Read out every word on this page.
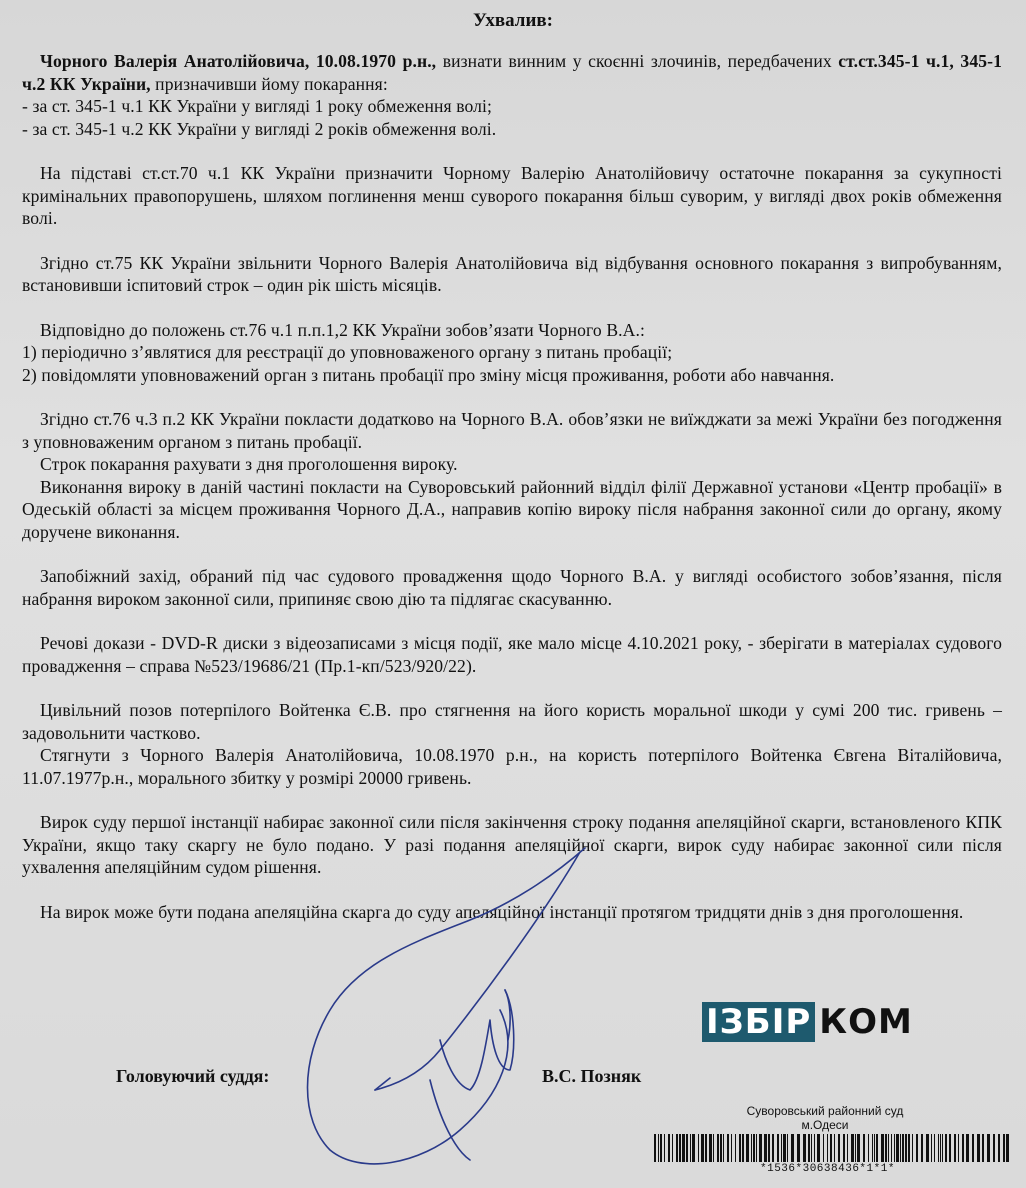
Ухвалив:

Чорного Валерія Анатолійовича, 10.08.1970 р.н., визнати винним у скоєнні злочинів, передбачених ст.ст.345-1 ч.1, 345-1 ч.2 КК України, призначивши йому покарання:

- за ст. 345-1 ч.1 КК України у вигляді 1 року обмеження волі;

- за ст. 345-1 ч.2 КК України у вигляді 2 років обмеження волі.

На підставі ст.ст.70 ч.1 КК України призначити Чорному Валерію Анатолійовичу остаточне покарання за сукупності кримінальних правопорушень, шляхом поглинення менш суворого покарання більш суворим, у вигляді двох років обмеження волі.

Згідно ст.75 КК України звільнити Чорного Валерія Анатолійовича від відбування основного покарання з випробуванням, встановивши іспитовий строк – один рік шість місяців.

Відповідно до положень ст.76 ч.1 п.п.1,2 КК України зобов’язати Чорного В.А.:

1) періодично з’являтися для реєстрації до уповноваженого органу з питань пробації;

2) повідомляти уповноважений орган з питань пробації про зміну місця проживання, роботи або навчання.

Згідно ст.76 ч.3 п.2 КК України покласти додатково на Чорного В.А. обов’язки не виїжджати за межі України без погодження з уповноваженим органом з питань пробації.

Строк покарання рахувати з дня проголошення вироку.

Виконання вироку в даній частині покласти на Суворовський районний відділ філії Державної установи «Центр пробації» в Одеській області за місцем проживання Чорного Д.А., направив копію вироку після набрання законної сили до органу, якому доручене виконання.

Запобіжний захід, обраний під час судового провадження щодо Чорного В.А. у вигляді особистого зобов’язання, після набрання вироком законної сили, припиняє свою дію та підлягає скасуванню.

Речові докази - DVD-R диски з відеозаписами з місця події, яке мало місце 4.10.2021 року, - зберігати в матеріалах судового провадження – справа №523/19686/21 (Пр.1-кп/523/920/22).

Цивільний позов потерпілого Войтенка Є.В. про стягнення на його користь моральної шкоди у сумі 200 тис. гривень – задовольнити частково.

Стягнути з Чорного Валерія Анатолійовича, 10.08.1970 р.н., на користь потерпілого Войтенка Євгена Віталійовича, 11.07.1977р.н., морального збитку у розмірі 20000 гривень.

Вирок суду першої інстанції набирає законної сили після закінчення строку подання апеляційної скарги, встановленого КПК України, якщо таку скаргу не було подано. У разі подання апеляційної скарги, вирок суду набирає законної сили після ухвалення апеляційним судом рішення.

На вирок може бути подана апеляційна скарга до суду апеляційної інстанції протягом тридцяти днів з дня проголошення.

Головуючий суддя:	В.С. Позняк
ІЗБІР КОМ
Суворовський районний суд
м.Одеси
*1536*30638436*1*1*
